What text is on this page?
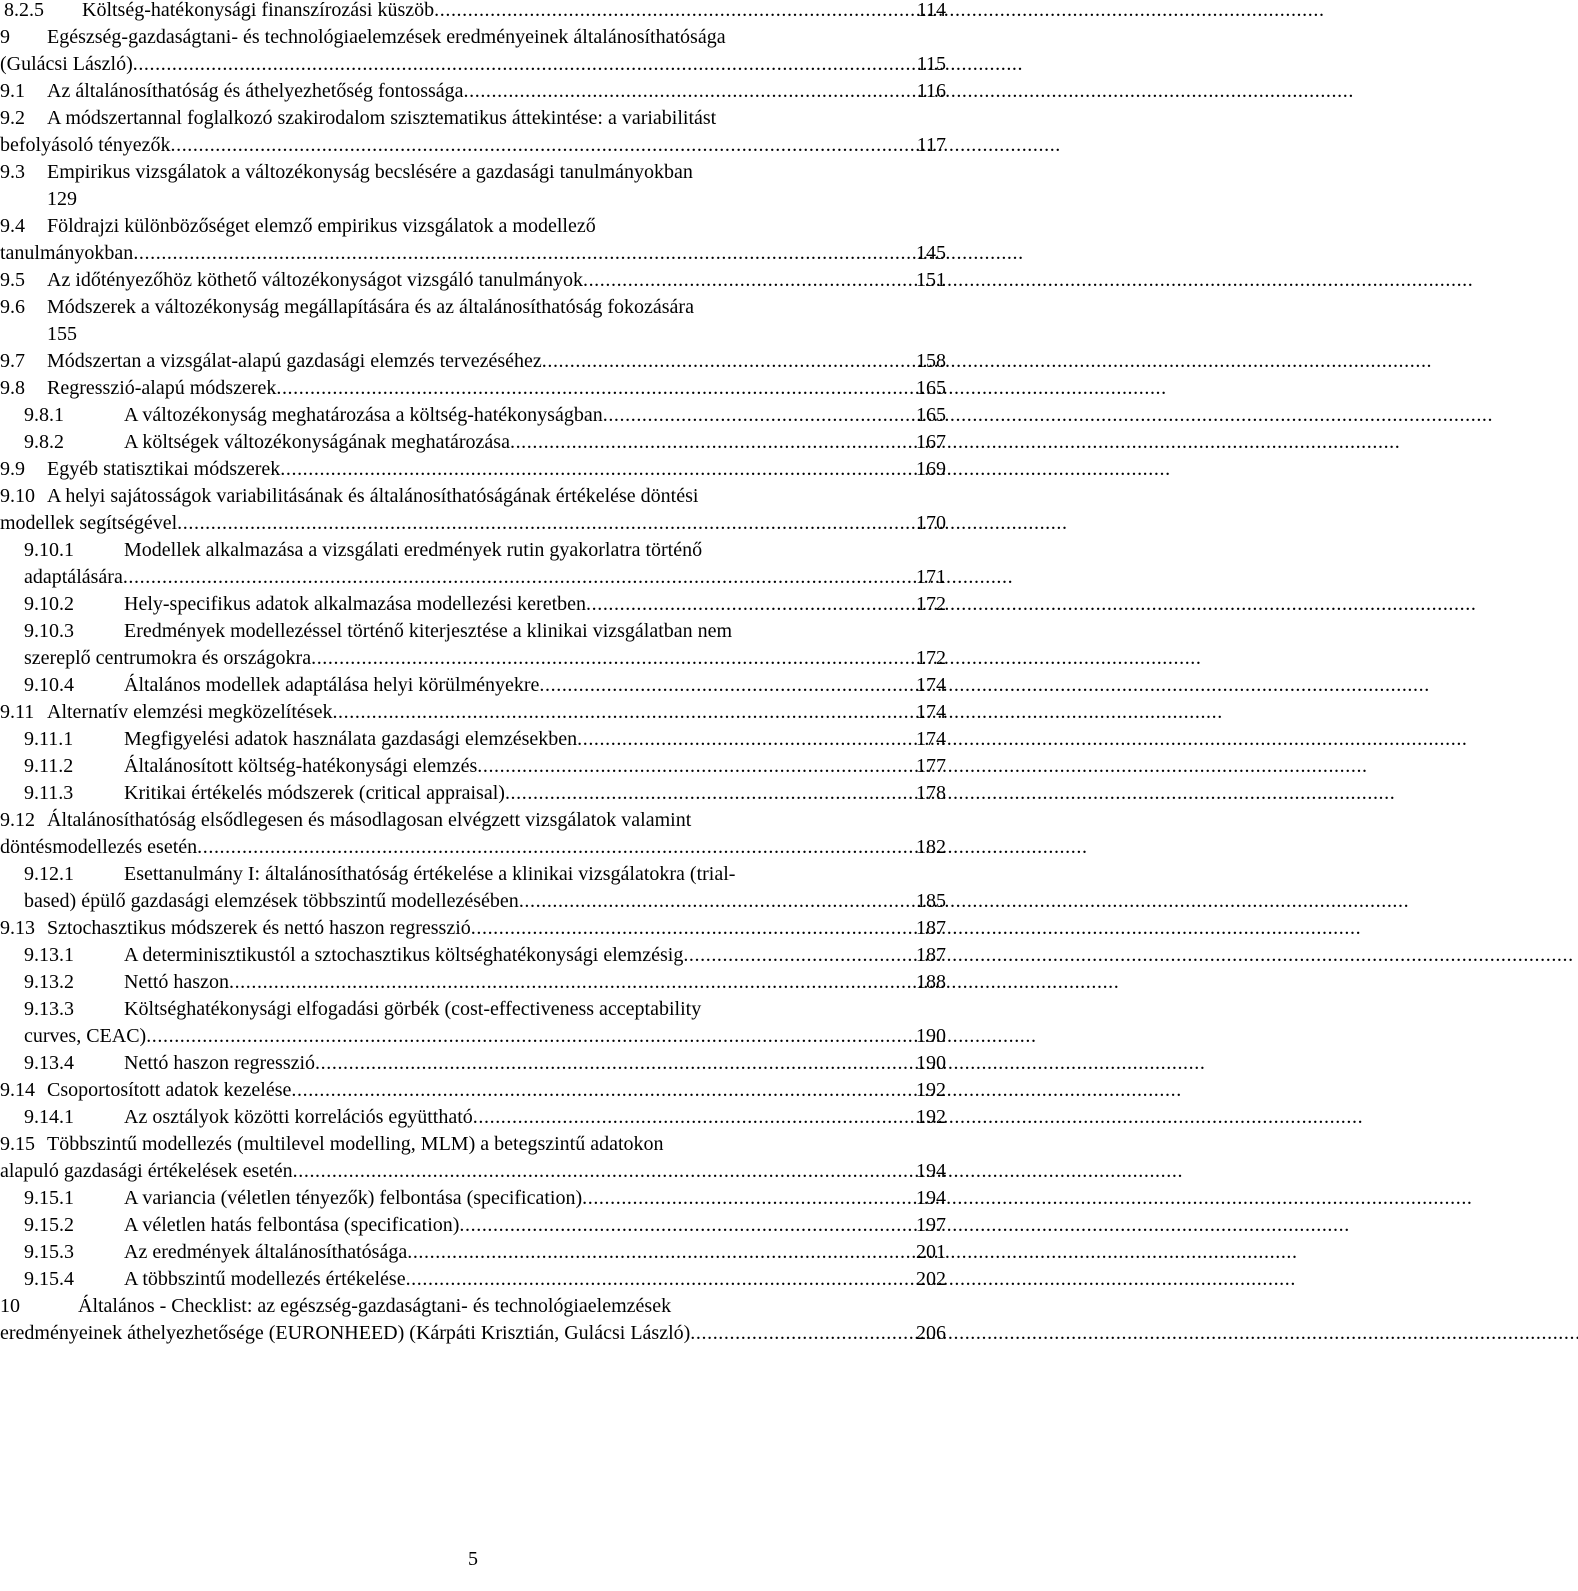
8.2.5	Költség-hatékonysági finanszírozási küszöb . . .	114
9	Egészség-gazdaságtani- és technológiaelemzések eredményeinek általánosíthatósága
(Gulácsi László) . . .	115
9.1	Az általánosíthatóság és áthelyezhetőség fontossága . . .	116
9.2	A módszertannal foglalkozó szakirodalom szisztematikus áttekintése: a variabilitást
befolyásoló tényezők . . .	117
9.3	Empirikus vizsgálatok a változékonyság becslésére a gazdasági tanulmányokban
129
9.4	Földrajzi különbözőséget elemző empirikus vizsgálatok a modellező
tanulmányokban . . .	145
9.5	Az időtényezőhöz köthető változékonyságot vizsgáló tanulmányok . . .	151
9.6	Módszerek a változékonyság megállapítására és az általánosíthatóság fokozására
155
9.7	Módszertan a vizsgálat-alapú gazdasági elemzés tervezéséhez . . .	158
9.8	Regresszió-alapú módszerek . . .	165
9.8.1	A változékonyság meghatározása a költség-hatékonyságban . . .	165
9.8.2	A költségek változékonyságának meghatározása . . .	167
9.9	Egyéb statisztikai módszerek . . .	169
9.10 A helyi sajátosságok variabilitásának és általánosíthatóságának értékelése döntési
modellek segítségével . . .	170
9.10.1	Modellek alkalmazása a vizsgálati eredmények rutin gyakorlatra történő
adaptálására . . .	171
9.10.2	Hely-specifikus adatok alkalmazása modellezési keretben . . .	172
9.10.3	Eredmények modellezéssel történő kiterjesztése a klinikai vizsgálatban nem
szereplő centrumokra és országokra . . .	172
9.10.4	Általános modellek adaptálása helyi körülményekre . . .	174
9.11 Alternatív elemzési megközelítések . . .	174
9.11.1	Megfigyelési adatok használata gazdasági elemzésekben . . .	174
9.11.2	Általánosított költség-hatékonysági elemzés . . .	177
9.11.3	Kritikai értékelés módszerek (critical appraisal) . . .	178
9.12 Általánosíthatóság elsődlegesen és másodlagosan elvégzett vizsgálatok valamint
döntésmodellezés esetén . . .	182
9.12.1	Esettanulmány I: általánosíthatóság értékelése a klinikai vizsgálatokra (trial-
based) épülő gazdasági elemzések többszintű modellezésében . . .	185
9.13 Sztochasztikus módszerek és nettó haszon regresszió . . .	187
9.13.1	A determinisztikustól a sztochasztikus költséghatékonysági elemzésig . . .	187
9.13.2	Nettó haszon . . .	188
9.13.3	Költséghatékonysági elfogadási görbék (cost-effectiveness acceptability
curves, CEAC) . . .	190
9.13.4	Nettó haszon regresszió . . .	190
9.14 Csoportosított adatok kezelése . . .	192
9.14.1	Az osztályok közötti korrelációs együttható . . .	192
9.15 Többszintű modellezés (multilevel modelling, MLM) a betegszintű adatokon
alapuló gazdasági értékelések esetén . . .	194
9.15.1	A variancia (véletlen tényezők) felbontása (specification) . . .	194
9.15.2	A véletlen hatás felbontása (specification) . . .	197
9.15.3	Az eredmények általánosíthatósága . . .	201
9.15.4	A többszintű modellezés értékelése . . .	202
10	Általános - Checklist: az egészség-gazdaságtani- és technológiaelemzések
eredményeinek áthelyezhetősége (EURONHEED) (Kárpáti Krisztián, Gulácsi László) . . .	206
5
